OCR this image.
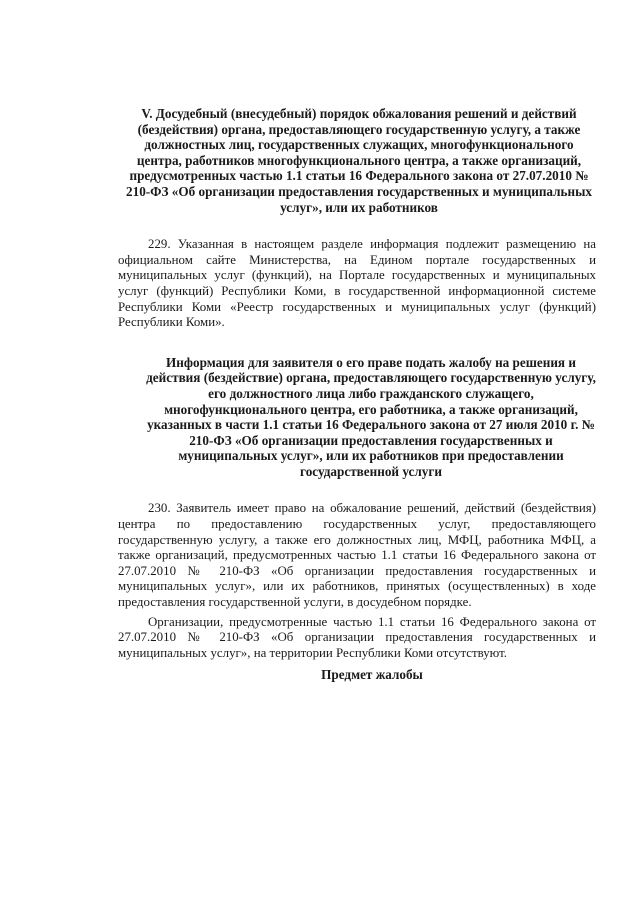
V. Досудебный (внесудебный) порядок обжалования решений и действий (бездействия) органа, предоставляющего государственную услугу, а также должностных лиц, государственных служащих, многофункционального центра, работников многофункционального центра, а также организаций, предусмотренных частью 1.1 статьи 16 Федерального закона от 27.07.2010 № 210-ФЗ «Об организации предоставления государственных и муниципальных услуг», или их работников

229. Указанная в настоящем разделе информация подлежит размещению на официальном сайте Министерства, на Едином портале государственных и муниципальных услуг (функций), на Портале государственных и муниципальных услуг (функций) Республики Коми, в государственной информационной системе Республики Коми «Реестр государственных и муниципальных услуг (функций) Республики Коми».

Информация для заявителя о его праве подать жалобу на решения и действия (бездействие) органа, предоставляющего государственную услугу, его должностного лица либо гражданского служащего, многофункционального центра, его работника, а также организаций, указанных в части 1.1 статьи 16 Федерального закона от 27 июля 2010 г. № 210-ФЗ «Об организации предоставления государственных и муниципальных услуг», или их работников при предоставлении государственной услуги

230. Заявитель имеет право на обжалование решений, действий (бездействия) центра по предоставлению государственных услуг, предоставляющего государственную услугу, а также его должностных лиц, МФЦ, работника МФЦ, а также организаций, предусмотренных частью 1.1 статьи 16 Федерального закона от 27.07.2010 № 210-ФЗ «Об организации предоставления государственных и муниципальных услуг», или их работников, принятых (осуществленных) в ходе предоставления государственной услуги, в досудебном порядке.

Организации, предусмотренные частью 1.1 статьи 16 Федерального закона от 27.07.2010 № 210-ФЗ «Об организации предоставления государственных и муниципальных услуг», на территории Республики Коми отсутствуют.

Предмет жалобы
